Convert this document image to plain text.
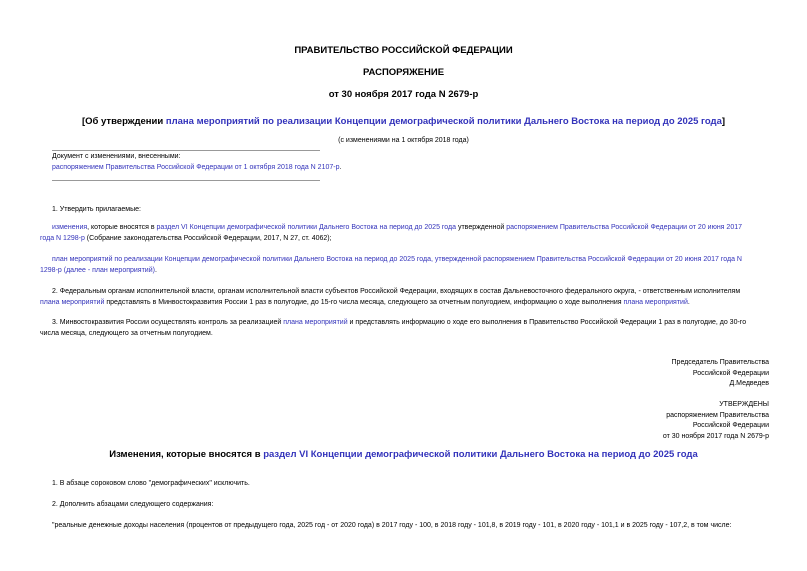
ПРАВИТЕЛЬСТВО РОССИЙСКОЙ ФЕДЕРАЦИИ
РАСПОРЯЖЕНИЕ
от 30 ноября 2017 года N 2679-р
[Об утверждении плана мероприятий по реализации Концепции демографической политики Дальнего Востока на период до 2025 года]
(с изменениями на 1 октября 2018 года)
Документ с изменениями, внесенными:
распоряжением Правительства Российской Федерации от 1 октября 2018 года N 2107-р.
1. Утвердить прилагаемые:
изменения, которые вносятся в раздел VI Концепции демографической политики Дальнего Востока на период до 2025 года утвержденной распоряжением Правительства Российской Федерации от 20 июня 2017
года N 1298-р (Собрание законодательства Российской Федерации, 2017, N 27, ст. 4062);
план мероприятий по реализации Концепции демографической политики Дальнего Востока на период до 2025 года, утвержденной распоряжением Правительства Российской Федерации от 20 июня 2017 года N
1298-р (далее - план мероприятий).
2. Федеральным органам исполнительной власти, органам исполнительной власти субъектов Российской Федерации, входящих в состав Дальневосточного федерального округа, - ответственным исполнителям
плана мероприятий представлять в Минвостокразвития России 1 раз в полугодие, до 15-го числа месяца, следующего за отчетным полугодием, информацию о ходе выполнения плана мероприятий.
3. Минвостокразвития России осуществлять контроль за реализацией плана мероприятий и представлять информацию о ходе его выполнения в Правительство Российской Федерации 1 раз в полугодие, до 30-го
числа месяца, следующего за отчетным полугодием.
Председатель Правительства
Российской Федерации
Д.Медведев
УТВЕРЖДЕНЫ
распоряжением Правительства
Российской Федерации
от 30 ноября 2017 года N 2679-р
Изменения, которые вносятся в раздел VI Концепции демографической политики Дальнего Востока на период до 2025 года
1. В абзаце сороковом слово "демографических" исключить.
2. Дополнить абзацами следующего содержания:
"реальные денежные доходы населения (процентов от предыдущего года, 2025 год - от 2020 года) в 2017 году - 100, в 2018 году - 101,8, в 2019 году - 101, в 2020 году - 101,1 и в 2025 году - 107,2, в том числе:
